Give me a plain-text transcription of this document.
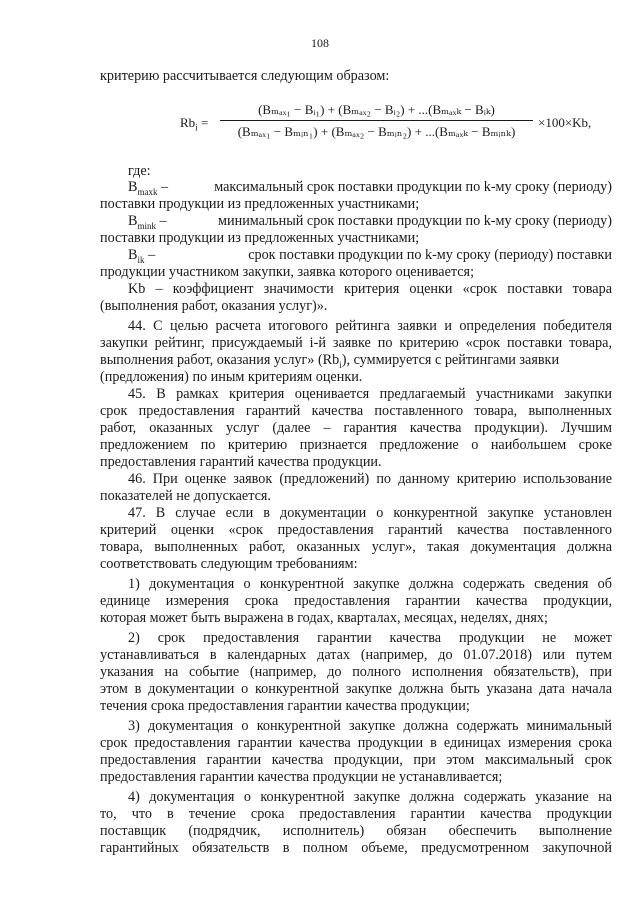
108
критерию рассчитывается следующим образом:
$Rb_i$ =
(Bₘₐₓ₁ − Bᵢ₁) + (Bₘₐₓ₂ − Bᵢ₂) + ...(Bₘₐₓₖ − Bᵢₖ)
(Bₘₐₓ₁ − Bₘᵢₙ₁) + (Bₘₐₓ₂ − Bₘᵢₙ₂) + ...(Bₘₐₓₖ − Bₘᵢₙₖ)
×100×Kb,
где:
$B_{maxk}$ –	максимальный срок поставки продукции по k-му сроку (периоду)
поставки продукции из предложенных участниками;
$B_{mink}$ –	минимальный срок поставки продукции по k-му сроку (периоду)
поставки продукции из предложенных участниками;
$B_{ik}$ –	срок поставки продукции по k-му сроку (периоду) поставки
продукции участником закупки, заявка которого оценивается;
Kb – коэффициент значимости критерия оценки «срок поставки товара
(выполнения работ, оказания услуг)».
44. С целью расчета итогового рейтинга заявки и определения победителя
закупки рейтинг, присуждаемый i-й заявке по критерию «срок поставки товара,
выполнения работ, оказания услуг» $(Rb_i)$, суммируется с рейтингами заявки
(предложения) по иным критериям оценки.
45. В рамках критерия оценивается предлагаемый участниками закупки
срок предоставления гарантий качества поставленного товара, выполненных
работ, оказанных услуг (далее – гарантия качества продукции). Лучшим
предложением по критерию признается предложение о наибольшем сроке
предоставления гарантий качества продукции.
46. При оценке заявок (предложений) по данному критерию использование
показателей не допускается.
47. В случае если в документации о конкурентной закупке установлен
критерий оценки «срок предоставления гарантий качества поставленного
товара, выполненных работ, оказанных услуг», такая документация должна
соответствовать следующим требованиям:
1) документация о конкурентной закупке должна содержать сведения об
единице измерения срока предоставления гарантии качества продукции,
которая может быть выражена в годах, кварталах, месяцах, неделях, днях;
2) срок предоставления гарантии качества продукции не может
устанавливаться в календарных датах (например, до 01.07.2018) или путем
указания на событие (например, до полного исполнения обязательств), при
этом в документации о конкурентной закупке должна быть указана дата начала
течения срока предоставления гарантии качества продукции;
3) документация о конкурентной закупке должна содержать минимальный
срок предоставления гарантии качества продукции в единицах измерения срока
предоставления гарантии качества продукции, при этом максимальный срок
предоставления гарантии качества продукции не устанавливается;
4) документация о конкурентной закупке должна содержать указание на
то, что в течение срока предоставления гарантии качества продукции
поставщик (подрядчик, исполнитель) обязан обеспечить выполнение
гарантийных обязательств в полном объеме, предусмотренном закупочной
